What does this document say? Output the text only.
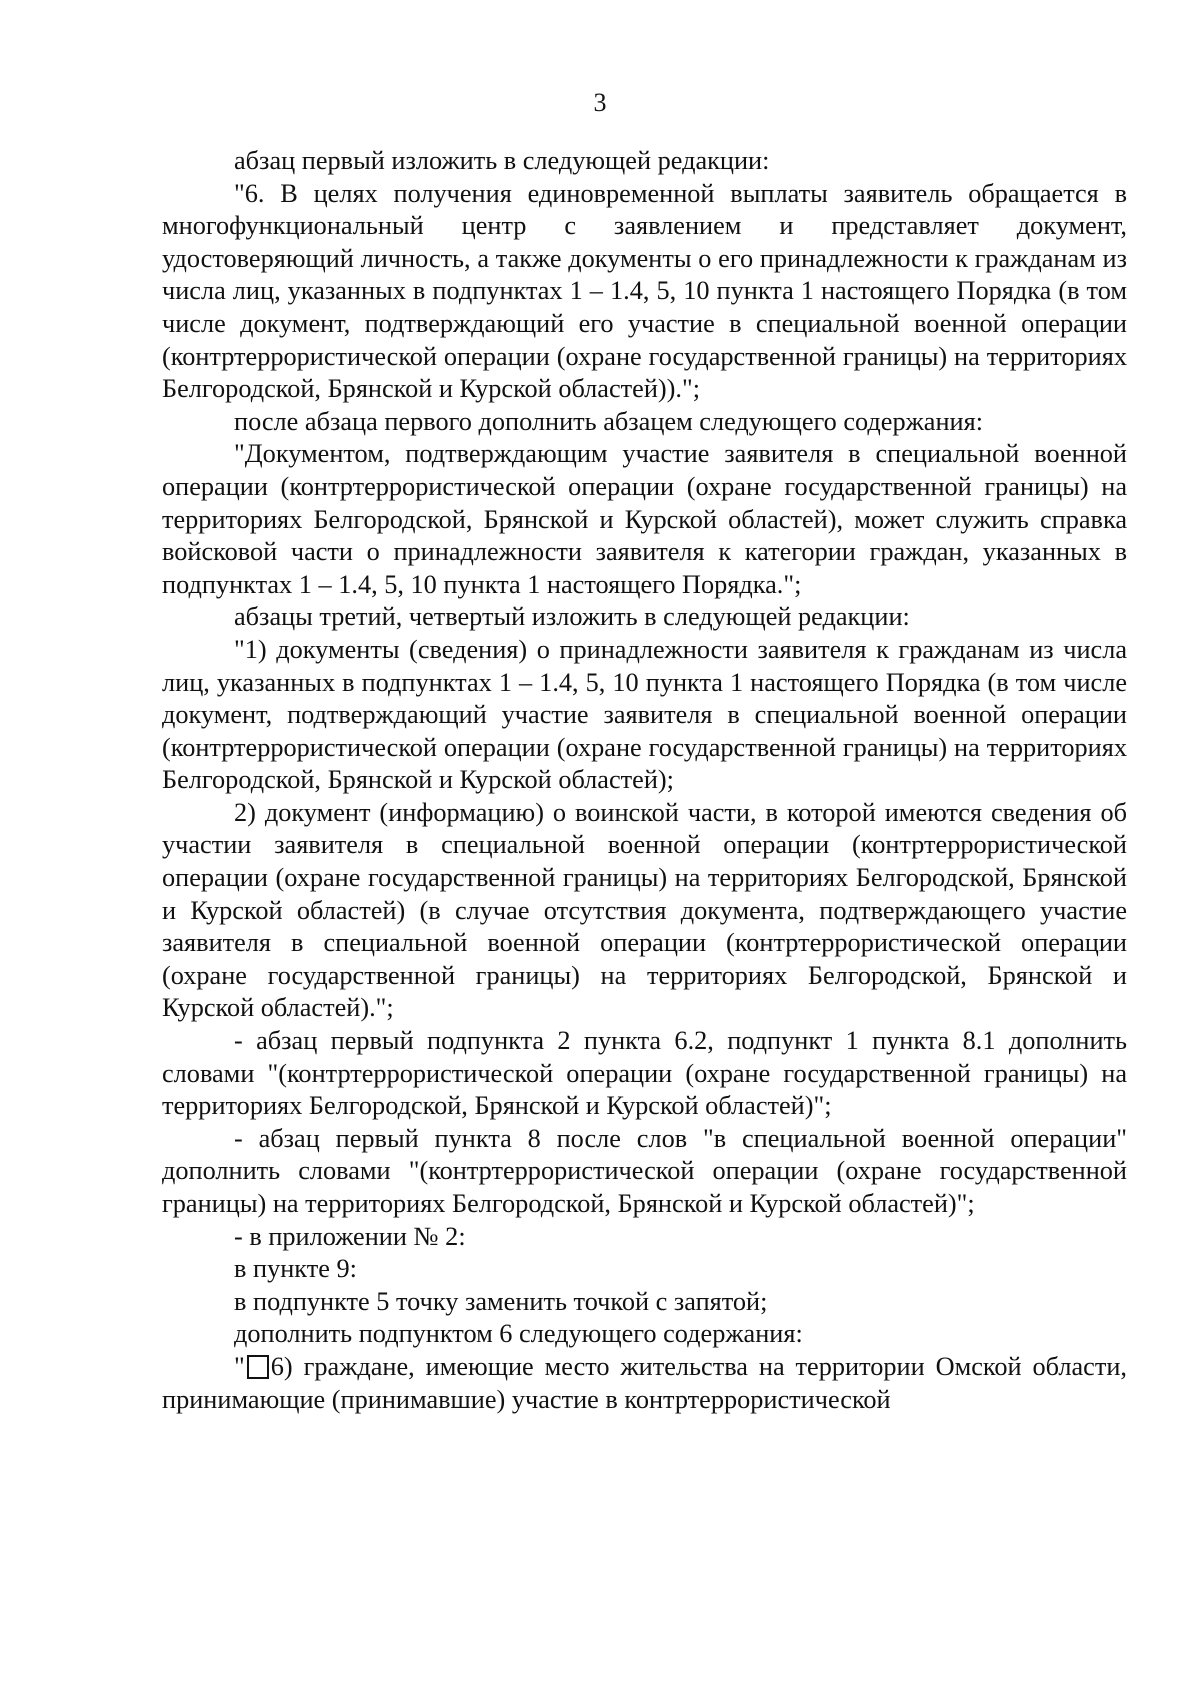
3

абзац первый изложить в следующей редакции:

"6. В целях получения единовременной выплаты заявитель обращается в многофункциональный центр с заявлением и представляет документ, удостоверяющий личность, а также документы о его принадлежности к гражданам из числа лиц, указанных в подпунктах 1 – 1.4, 5, 10 пункта 1 настоящего Порядка (в том числе документ, подтверждающий его участие в специальной военной операции (контртеррористической операции (охране государственной границы) на территориях Белгородской, Брянской и Курской областей)).";

после абзаца первого дополнить абзацем следующего содержания:

"Документом, подтверждающим участие заявителя в специальной военной операции (контртеррористической операции (охране государственной границы) на территориях Белгородской, Брянской и Курской областей), может служить справка войсковой части о принадлежности заявителя к категории граждан, указанных в подпунктах 1 – 1.4, 5, 10 пункта 1 настоящего Порядка.";

абзацы третий, четвертый изложить в следующей редакции:

"1) документы (сведения) о принадлежности заявителя к гражданам из числа лиц, указанных в подпунктах 1 – 1.4, 5, 10 пункта 1 настоящего Порядка (в том числе документ, подтверждающий участие заявителя в специальной военной операции (контртеррористической операции (охране государственной границы) на территориях Белгородской, Брянской и Курской областей);

2) документ (информацию) о воинской части, в которой имеются сведения об участии заявителя в специальной военной операции (контртеррористической операции (охране государственной границы) на территориях Белгородской, Брянской и Курской областей) (в случае отсутствия документа, подтверждающего участие заявителя в специальной военной операции (контртеррористической операции (охране государственной границы) на территориях Белгородской, Брянской и Курской областей).";

- абзац первый подпункта 2 пункта 6.2, подпункт 1 пункта 8.1 дополнить словами "(контртеррористической операции (охране государственной границы) на территориях Белгородской, Брянской и Курской областей)";

- абзац первый пункта 8 после слов "в специальной военной операции" дополнить словами "(контртеррористической операции (охране государственной границы) на территориях Белгородской, Брянской и Курской областей)";

- в приложении № 2:

в пункте 9:

в подпункте 5 точку заменить точкой с запятой;

дополнить подпунктом 6 следующего содержания:

" 6) граждане, имеющие место жительства на территории Омской области, принимающие (принимавшие) участие в контртеррористической
